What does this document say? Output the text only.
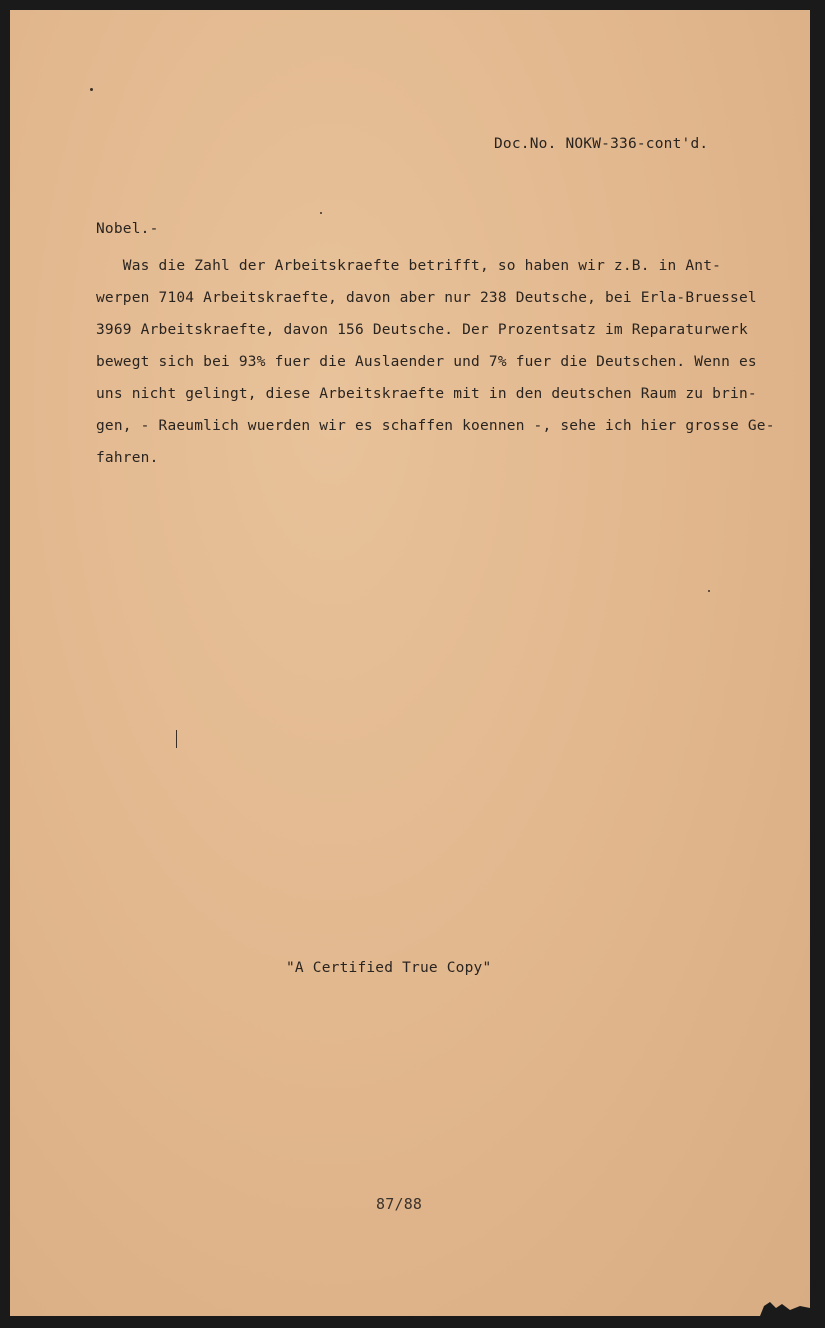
Doc.No. NOKW-336-cont'd.
Nobel.-
Was die Zahl der Arbeitskraefte betrifft, so haben wir z.B. in Ant-
werpen 7104 Arbeitskraefte, davon aber nur 238 Deutsche, bei Erla-Bruessel
3969 Arbeitskraefte, davon 156 Deutsche. Der Prozentsatz im Reparaturwerk
bewegt sich bei 93% fuer die Auslaender und 7% fuer die Deutschen. Wenn es
uns nicht gelingt, diese Arbeitskraefte mit in den deutschen Raum zu brin-
gen, - Raeumlich wuerden wir es schaffen koennen -, sehe ich hier grosse Ge-
fahren.
"A Certified True Copy"
87/88
